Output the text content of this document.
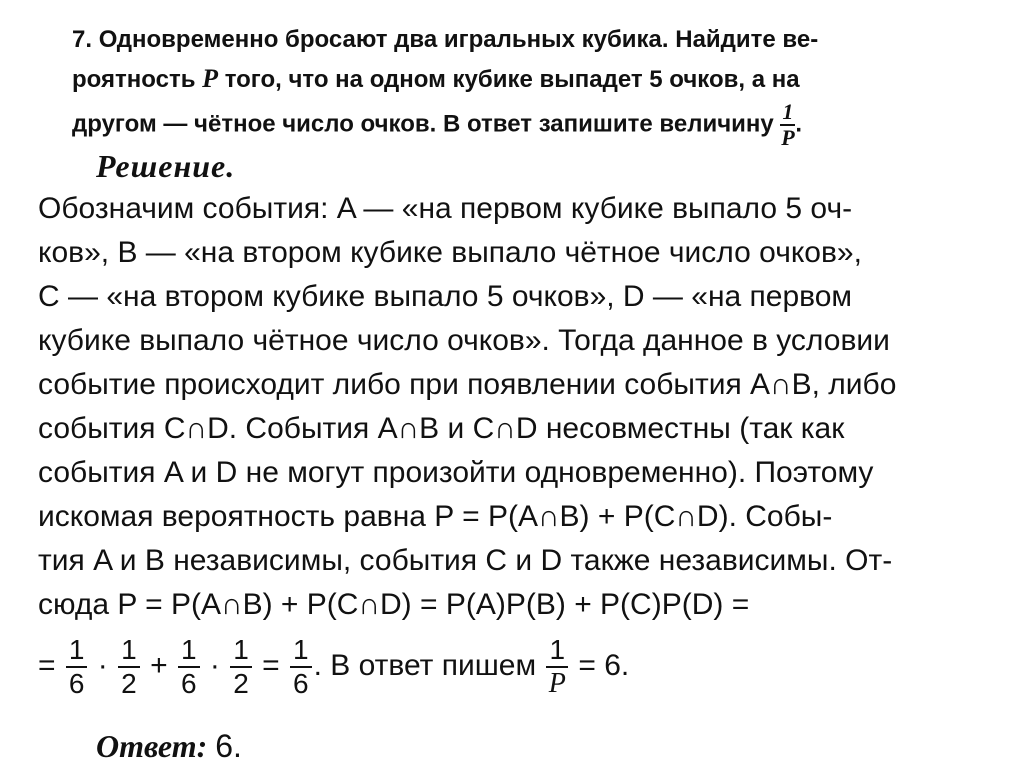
7. Одновременно бросают два игральных кубика. Найдите ве-
роятность P того, что на одном кубике выпадет 5 очков, а на
другом — чётное число очков. В ответ запишите величину $\frac{1}{P}$ .
Решение.
Обозначим события: A — «на первом кубике выпало 5 оч-
ков», B — «на втором кубике выпало чётное число очков»,
C — «на втором кубике выпало 5 очков», D — «на первом
кубике выпало чётное число очков». Тогда данное в условии
событие происходит либо при появлении события A∩B, либо
события C∩D. События A∩B и C∩D несовместны (так как
события A и D не могут произойти одновременно). Поэтому
искомая вероятность равна P = P(A∩B) + P(C∩D). Собы-
тия A и B независимы, события C и D также независимы. От-
сюда P = P(A∩B) + P(C∩D) = P(A)P(B) + P(C)P(D) =
= $\frac{1}{6} \cdot \frac{1}{2} + \frac{1}{6} \cdot \frac{1}{2} = \frac{1}{6}$ . В ответ пишем $\frac{1}{P} = 6$.
Ответ: 6.
